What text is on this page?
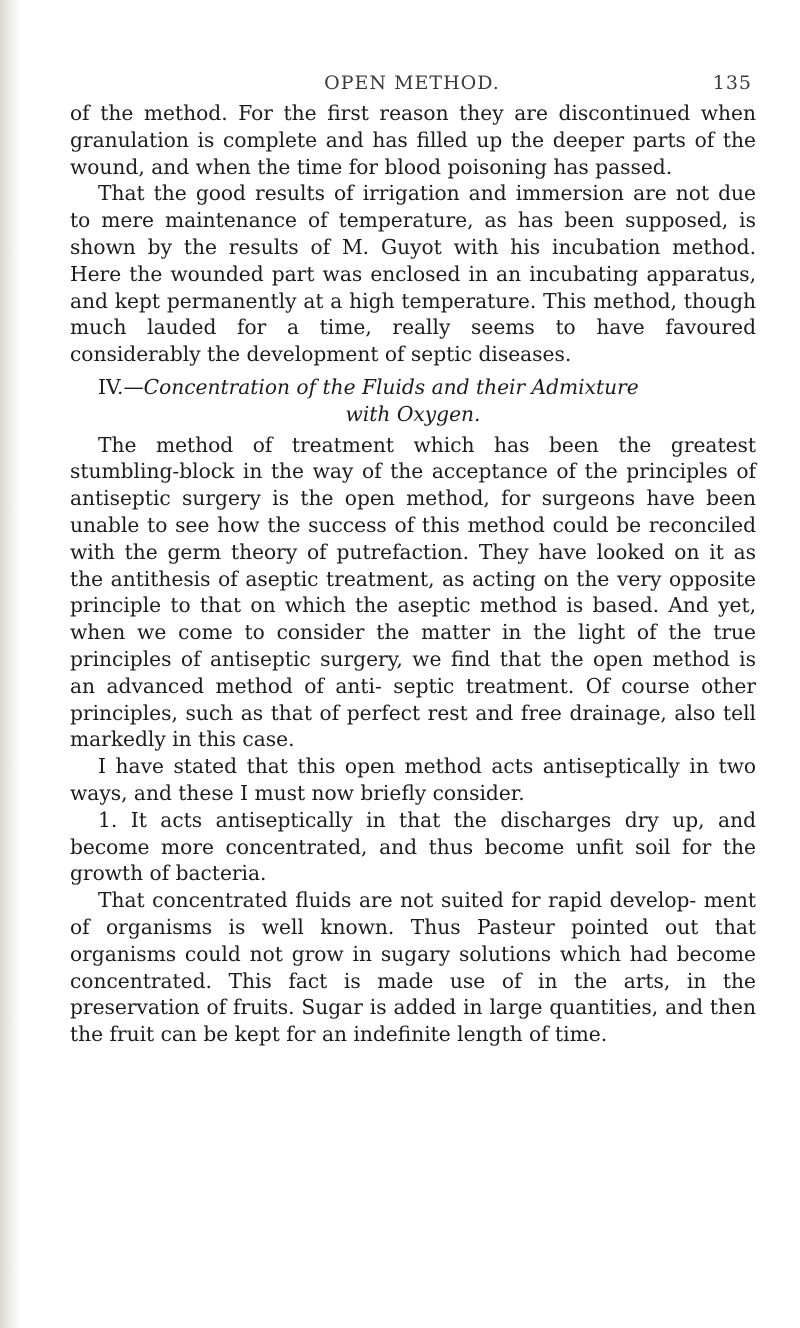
OPEN METHOD.	135

of the method. For the first reason they are discontinued when granulation is complete and has filled up the deeper parts of the wound, and when the time for blood poisoning has passed.

That the good results of irrigation and immersion are not due to mere maintenance of temperature, as has been supposed, is shown by the results of M. Guyot with his incubation method. Here the wounded part was enclosed in an incubating apparatus, and kept permanently at a high temperature. This method, though much lauded for a time, really seems to have favoured considerably the development of septic diseases.

IV.—Concentration of the Fluids and their Admixture
with Oxygen.

The method of treatment which has been the greatest stumbling-block in the way of the acceptance of the principles of antiseptic surgery is the open method, for surgeons have been unable to see how the success of this method could be reconciled with the germ theory of putrefaction. They have looked on it as the antithesis of aseptic treatment, as acting on the very opposite principle to that on which the aseptic method is based. And yet, when we come to consider the matter in the light of the true principles of antiseptic surgery, we find that the open method is an advanced method of anti- septic treatment. Of course other principles, such as that of perfect rest and free drainage, also tell markedly in this case.

I have stated that this open method acts antiseptically in two ways, and these I must now briefly consider.

1. It acts antiseptically in that the discharges dry up, and become more concentrated, and thus become unfit soil for the growth of bacteria.

That concentrated fluids are not suited for rapid develop- ment of organisms is well known. Thus Pasteur pointed out that organisms could not grow in sugary solutions which had become concentrated. This fact is made use of in the arts, in the preservation of fruits. Sugar is added in large quantities, and then the fruit can be kept for an indefinite length of time.
